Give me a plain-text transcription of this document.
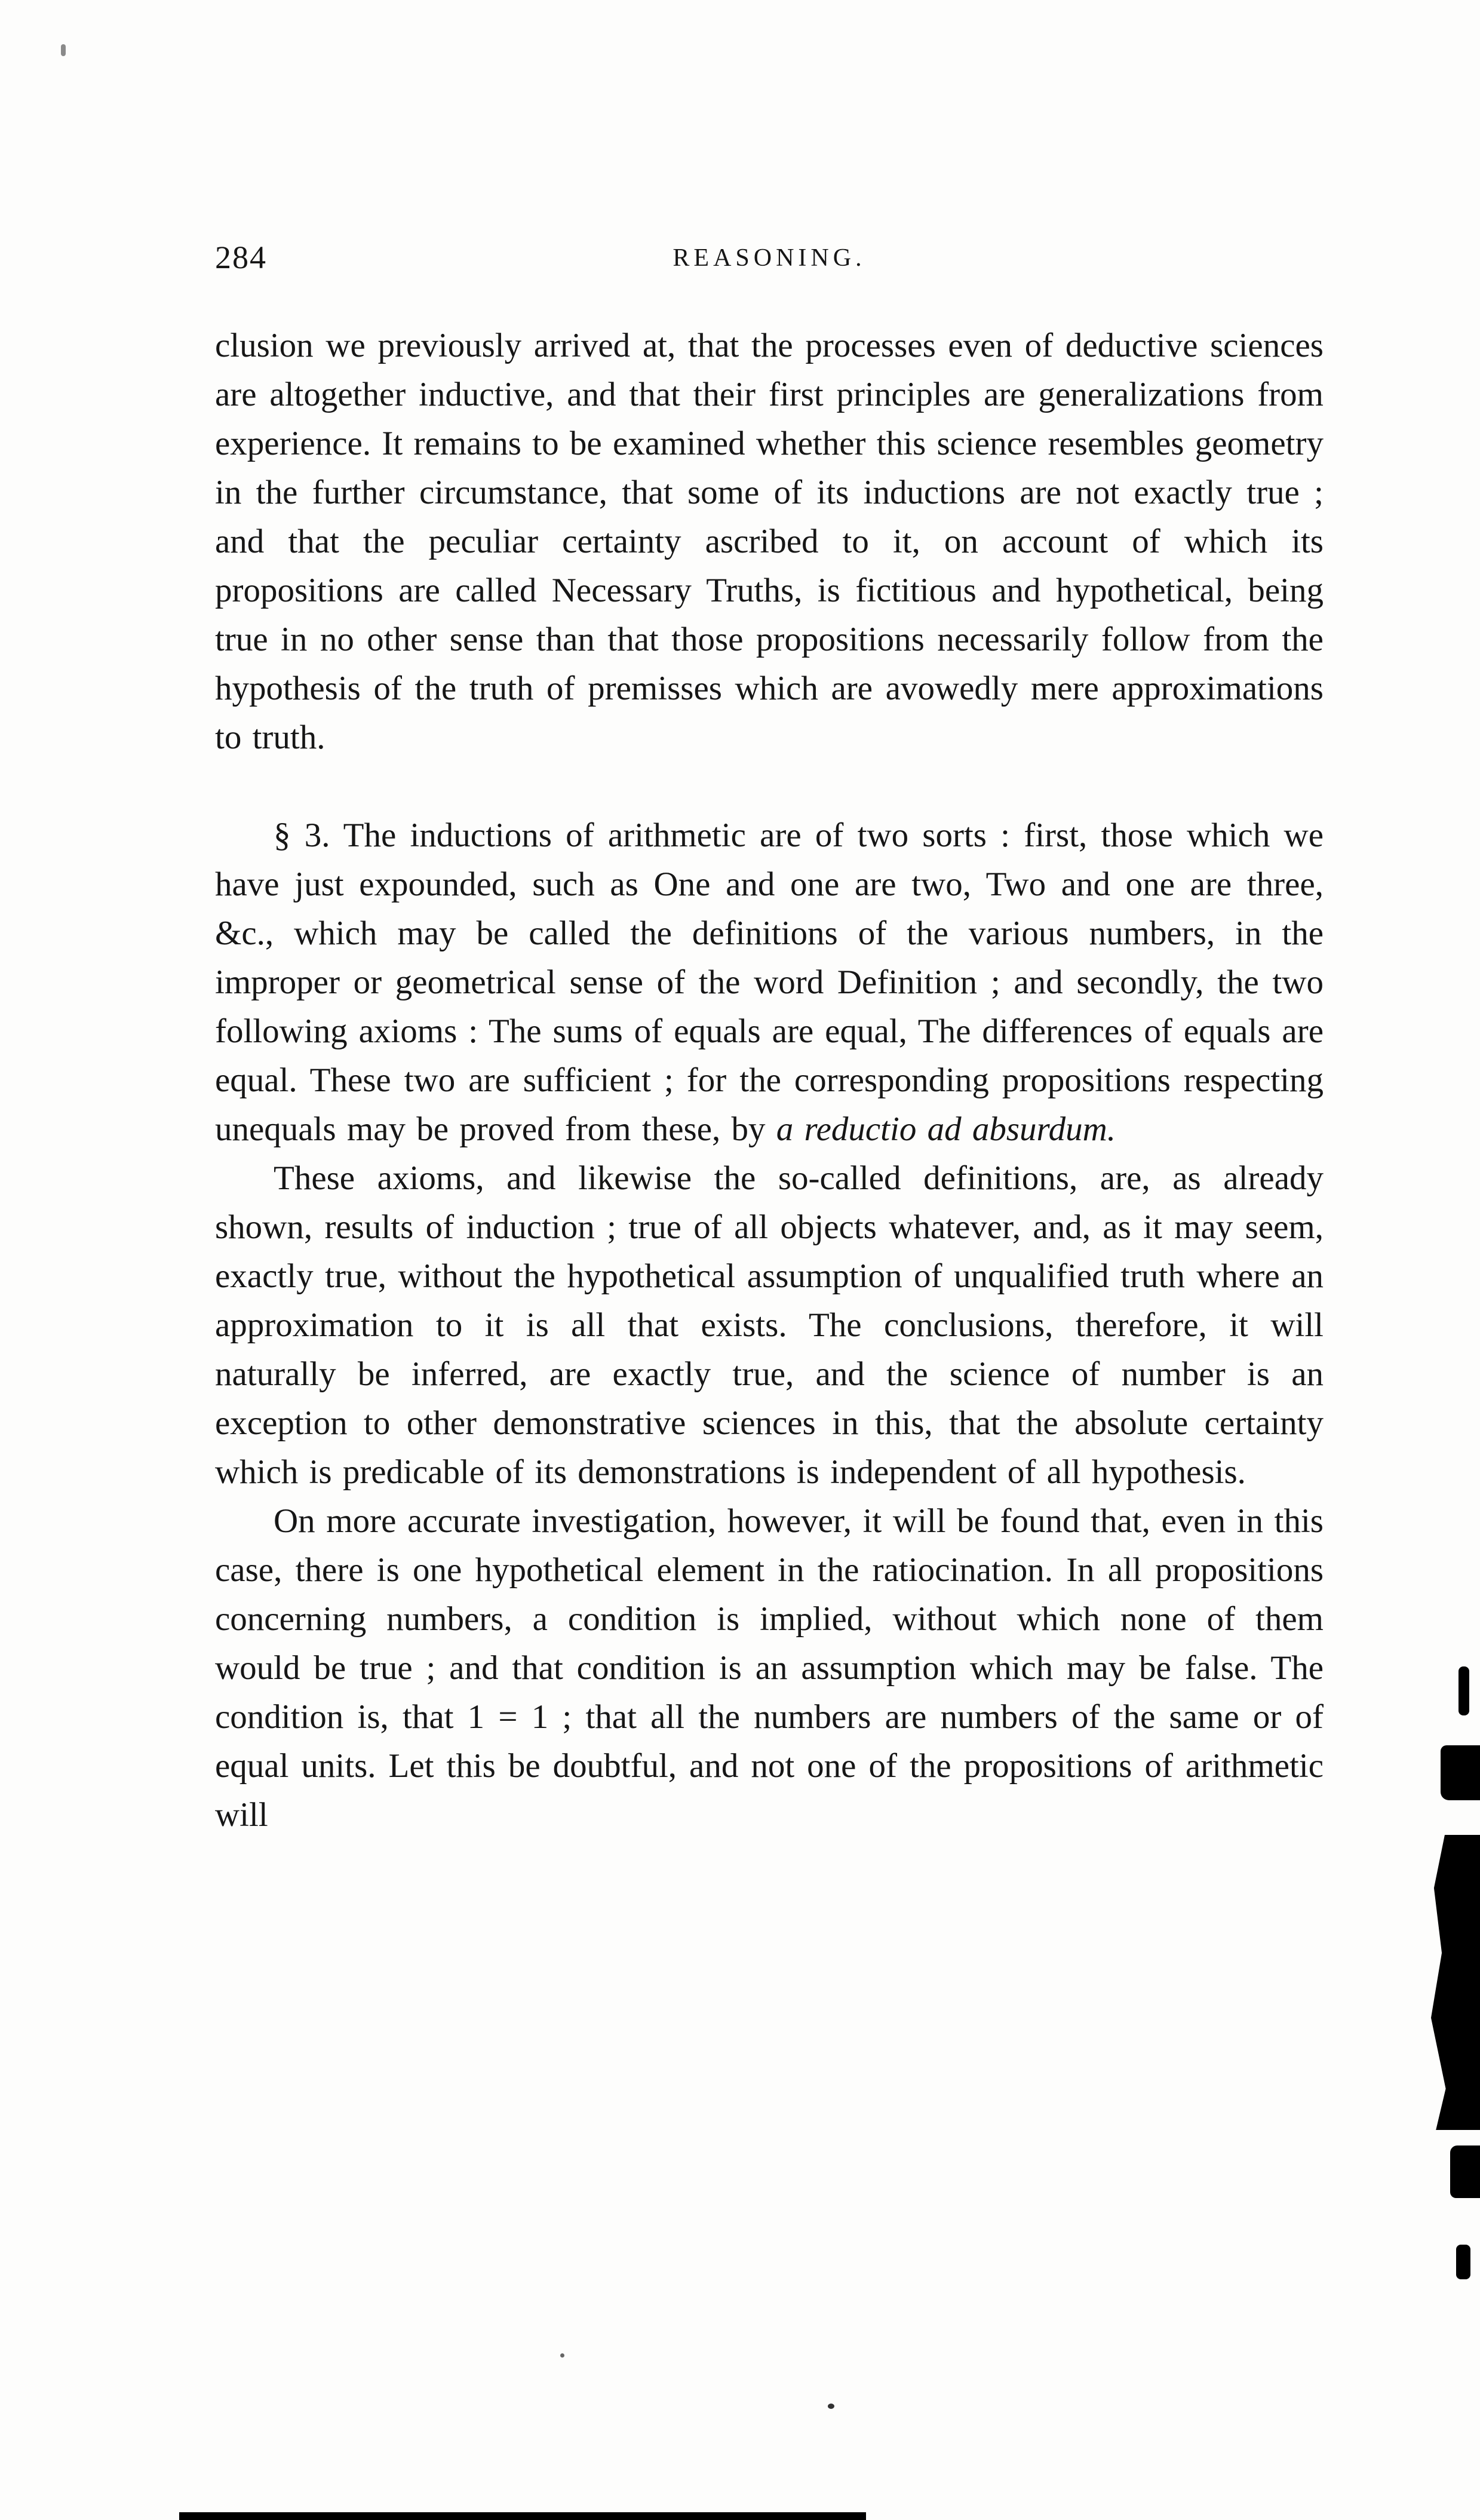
284	REASONING.

clusion we previously arrived at, that the processes even of deductive sciences are altogether inductive, and that their first principles are generalizations from experience. It remains to be examined whether this science resembles geometry in the further circumstance, that some of its inductions are not exactly true ; and that the peculiar certainty ascribed to it, on account of which its propositions are called Necessary Truths, is fictitious and hypothetical, being true in no other sense than that those propositions necessarily follow from the hypothesis of the truth of premisses which are avowedly mere approximations to truth.

§ 3. The inductions of arithmetic are of two sorts : first, those which we have just expounded, such as One and one are two, Two and one are three, &c., which may be called the definitions of the various numbers, in the improper or geometrical sense of the word Definition ; and secondly, the two following axioms : The sums of equals are equal, The differences of equals are equal. These two are sufficient ; for the corresponding propositions respecting unequals may be proved from these, by a reductio ad absurdum.

These axioms, and likewise the so-called definitions, are, as already shown, results of induction ; true of all objects whatever, and, as it may seem, exactly true, without the hypothetical assumption of unqualified truth where an approximation to it is all that exists. The conclusions, therefore, it will naturally be inferred, are exactly true, and the science of number is an exception to other demonstrative sciences in this, that the absolute certainty which is predicable of its demonstrations is independent of all hypothesis.

On more accurate investigation, however, it will be found that, even in this case, there is one hypothetical element in the ratiocination. In all propositions concerning numbers, a condition is implied, without which none of them would be true ; and that condition is an assumption which may be false. The condition is, that 1 = 1 ; that all the numbers are numbers of the same or of equal units. Let this be doubtful, and not one of the propositions of arithmetic will
